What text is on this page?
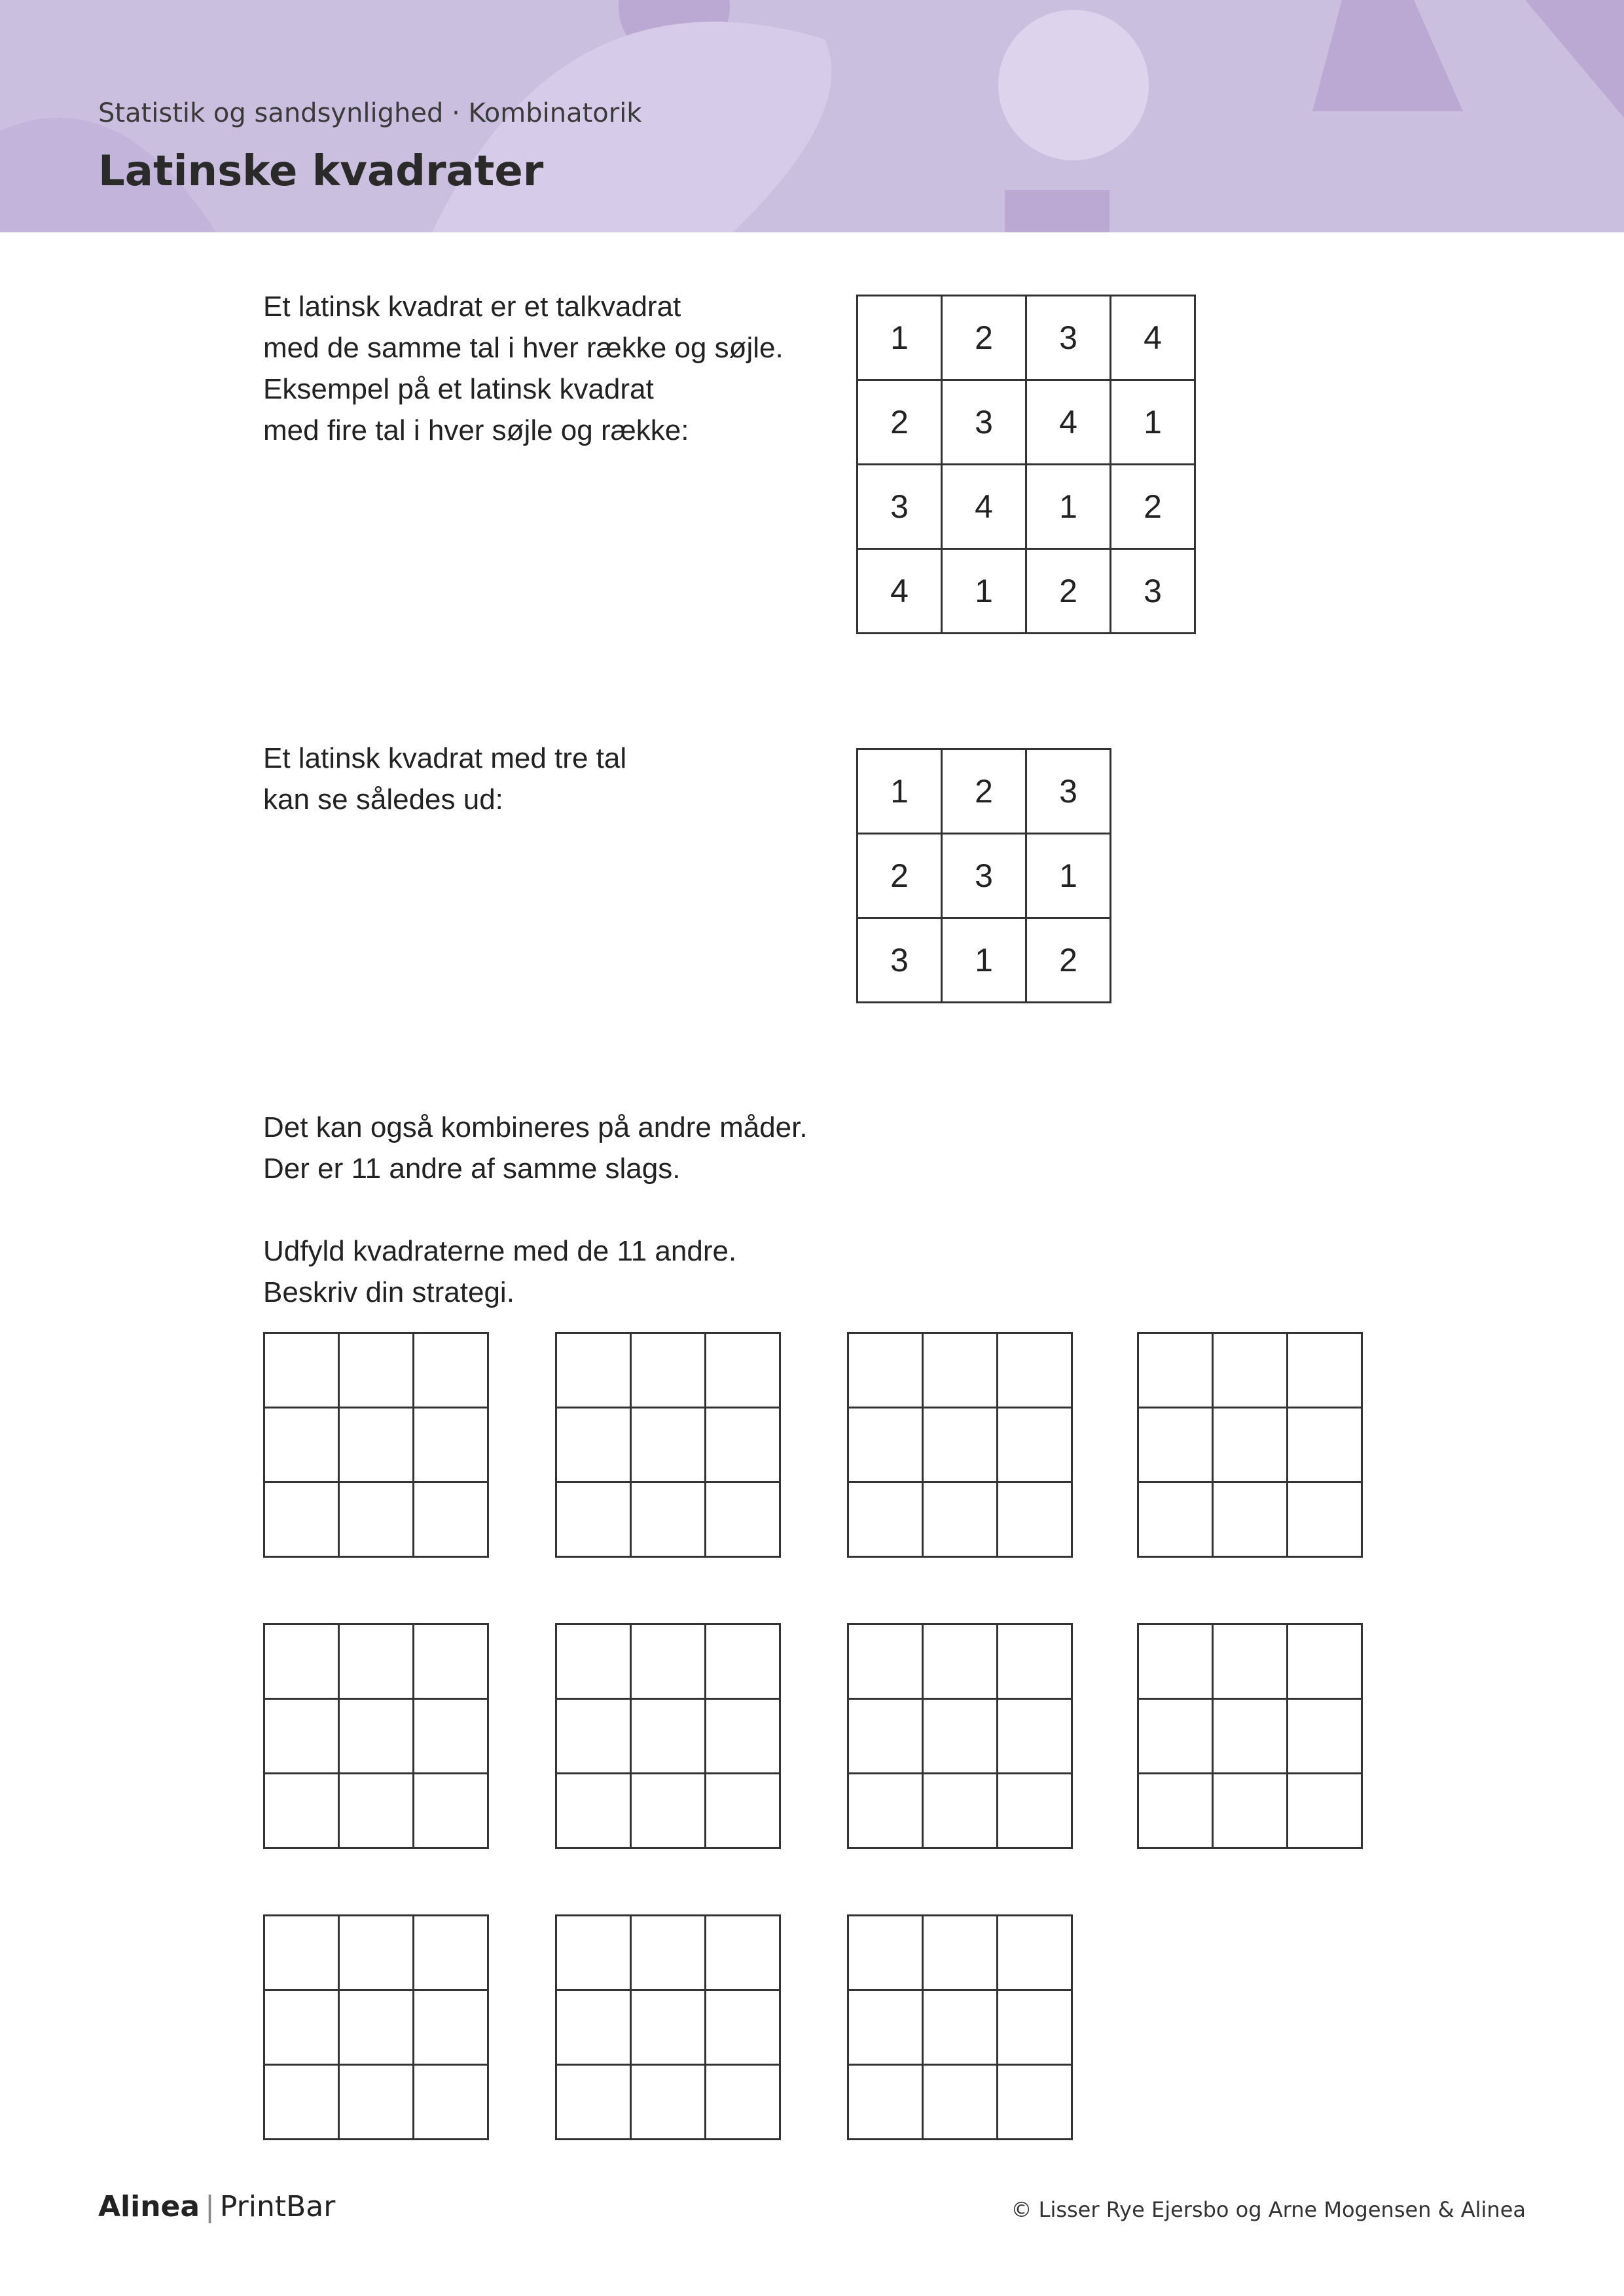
Statistik og sandsynlighed · Kombinatorik
Latinske kvadrater
Et latinsk kvadrat er et talkvadrat
med de samme tal i hver række og søjle.
Eksempel på et latinsk kvadrat
med fire tal i hver søjle og række:
1	2	3	4
2	3	4	1
3	4	1	2
4	1	2	3
Et latinsk kvadrat med tre tal
kan se således ud:	1	2	3
2	3	1
3	1	2
Det kan også kombineres på andre måder.
Der er 11 andre af samme slags.
Udfyld kvadraterne med de 11 andre.
Beskriv din strategi.

Alinea | PrintBar	© Lisser Rye Ejersbo og Arne Mogensen & Alinea
